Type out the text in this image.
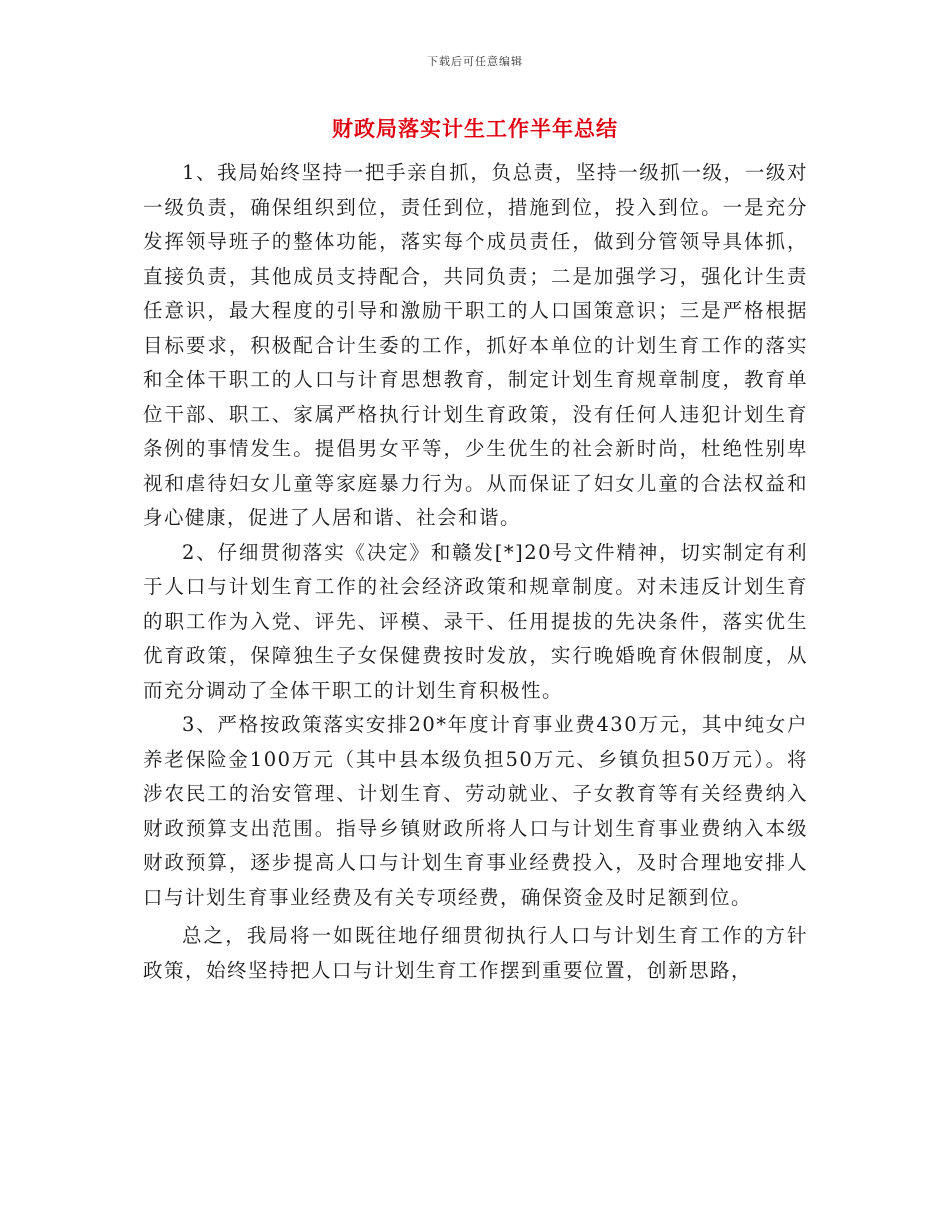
下载后可任意编辑
财政局落实计生工作半年总结

1、我局始终坚持一把手亲自抓，负总责，坚持一级抓一级，一级对一级负责，确保组织到位，责任到位，措施到位，投入到位。一是充分发挥领导班子的整体功能，落实每个成员责任，做到分管领导具体抓，直接负责，其他成员支持配合，共同负责；二是加强学习，强化计生责任意识，最大程度的引导和激励干职工的人口国策意识；三是严格根据目标要求，积极配合计生委的工作，抓好本单位的计划生育工作的落实和全体干职工的人口与计育思想教育，制定计划生育规章制度，教育单位干部、职工、家属严格执行计划生育政策，没有任何人违犯计划生育条例的事情发生。提倡男女平等，少生优生的社会新时尚，杜绝性别卑视和虐待妇女儿童等家庭暴力行为。从而保证了妇女儿童的合法权益和身心健康，促进了人居和谐、社会和谐。

2、仔细贯彻落实《决定》和赣发[*]20号文件精神，切实制定有利于人口与计划生育工作的社会经济政策和规章制度。对未违反计划生育的职工作为入党、评先、评模、录干、任用提拔的先决条件，落实优生优育政策，保障独生子女保健费按时发放，实行晚婚晚育休假制度，从而充分调动了全体干职工的计划生育积极性。

3、严格按政策落实安排20*年度计育事业费430万元，其中纯女户养老保险金100万元（其中县本级负担50万元、乡镇负担50万元）。将涉农民工的治安管理、计划生育、劳动就业、子女教育等有关经费纳入财政预算支出范围。指导乡镇财政所将人口与计划生育事业费纳入本级财政预算，逐步提高人口与计划生育事业经费投入，及时合理地安排人口与计划生育事业经费及有关专项经费，确保资金及时足额到位。

总之，我局将一如既往地仔细贯彻执行人口与计划生育工作的方针政策，始终坚持把人口与计划生育工作摆到重要位置，创新思路，
